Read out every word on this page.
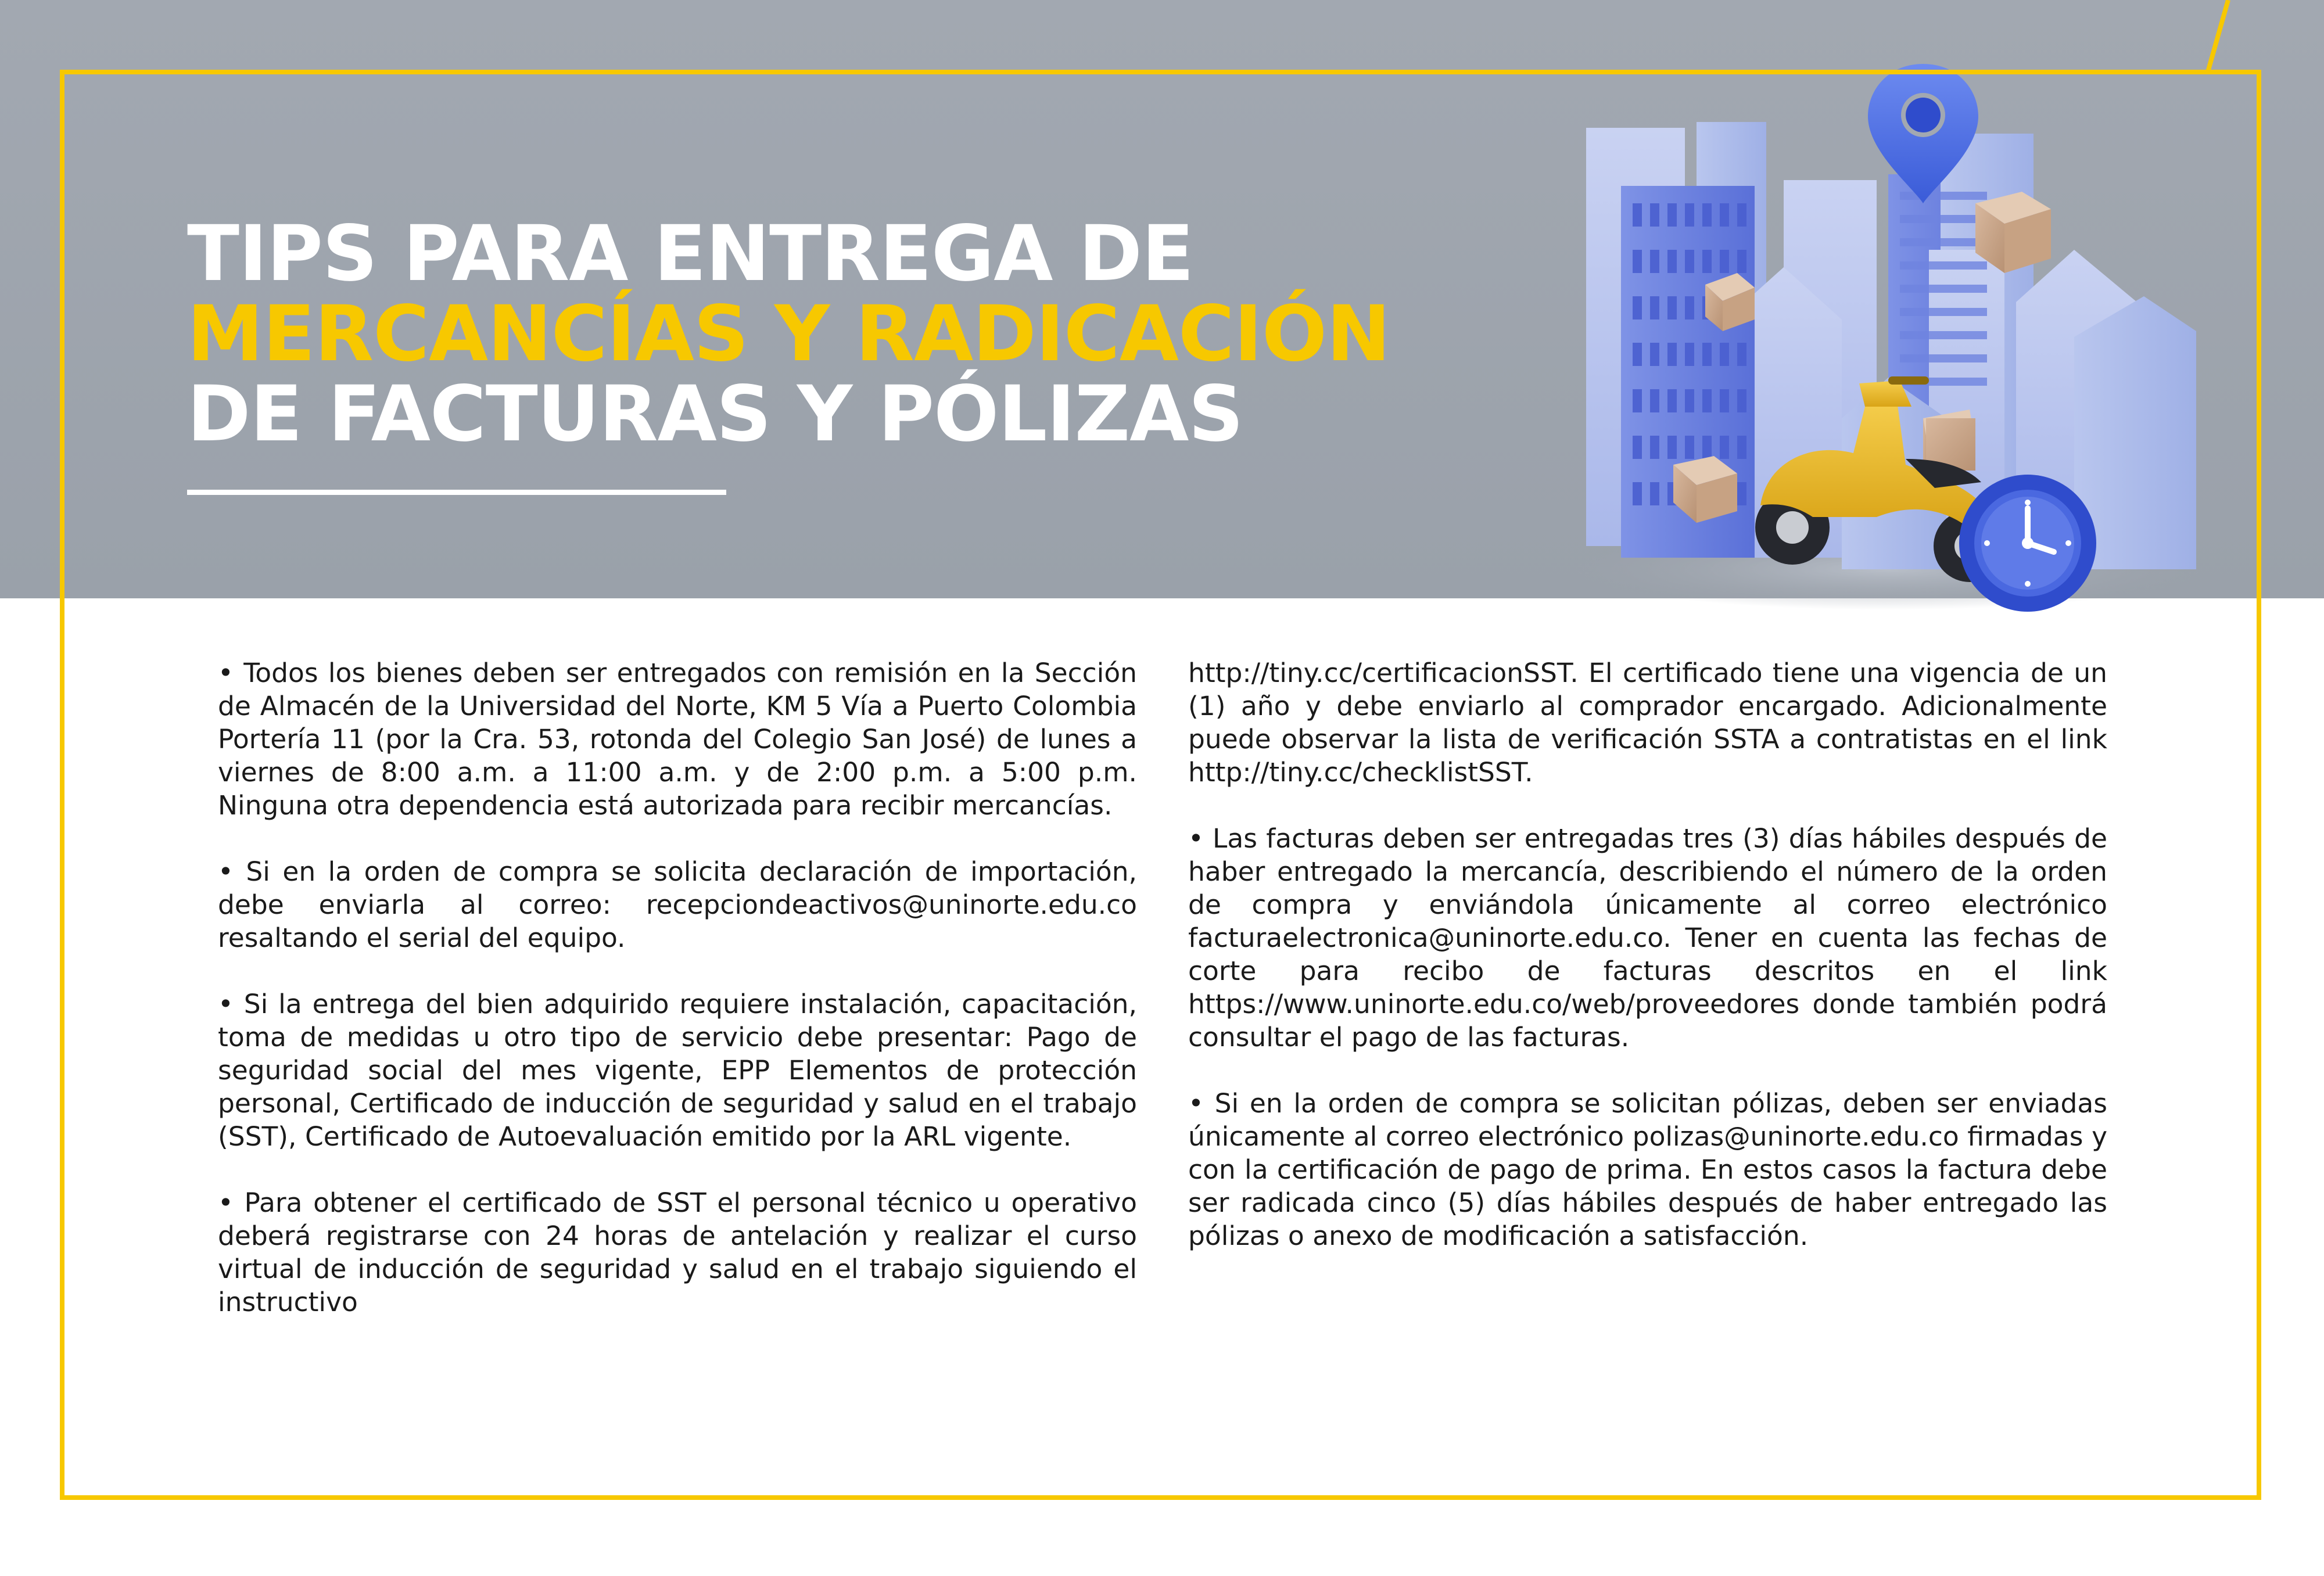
TIPS PARA ENTREGA DE
MERCANCÍAS Y RADICACIÓN
DE FACTURAS Y PÓLIZAS

• Todos los bienes deben ser entregados con remisión en la Sección de Almacén de la Universidad del Norte, KM 5 Vía a Puerto Colombia Portería 11 (por la Cra. 53, rotonda del Colegio San José) de lunes a viernes de 8:00 a.m. a 11:00 a.m. y de 2:00 p.m. a 5:00 p.m. Ninguna otra dependencia está autorizada para recibir mercancías.

• Si en la orden de compra se solicita declaración de importación, debe enviarla al correo: recepciondeactivos@uninorte.edu.co resaltando el serial del equipo.

• Si la entrega del bien adquirido requiere instalación, capacitación, toma de medidas u otro tipo de servicio debe presentar: Pago de seguridad social del mes vigente, EPP Elementos de protección personal, Certificado de inducción de seguridad y salud en el trabajo (SST), Certificado de Autoevaluación emitido por la ARL vigente.

• Para obtener el certificado de SST el personal técnico u operativo deberá registrarse con 24 horas de antelación y realizar el curso virtual de inducción de seguridad y salud en el trabajo siguiendo el instructivo

http://tiny.cc/certificacionSST. El certificado tiene una vigencia de un (1) año y debe enviarlo al comprador encargado. Adicionalmente puede observar la lista de verificación SSTA a contratistas en el link http://tiny.cc/checklistSST.

• Las facturas deben ser entregadas tres (3) días hábiles después de haber entregado la mercancía, describiendo el número de la orden de compra y enviándola únicamente al correo electrónico facturaelectronica@uninorte.edu.co. Tener en cuenta las fechas de corte para recibo de facturas descritos en el link https://www.uninorte.edu.co/web/proveedores donde también podrá consultar el pago de las facturas.

• Si en la orden de compra se solicitan pólizas, deben ser enviadas únicamente al correo electrónico polizas@uninorte.edu.co firmadas y con la certificación de pago de prima. En estos casos la factura debe ser radicada cinco (5) días hábiles después de haber entregado las pólizas o anexo de modificación a satisfacción.
